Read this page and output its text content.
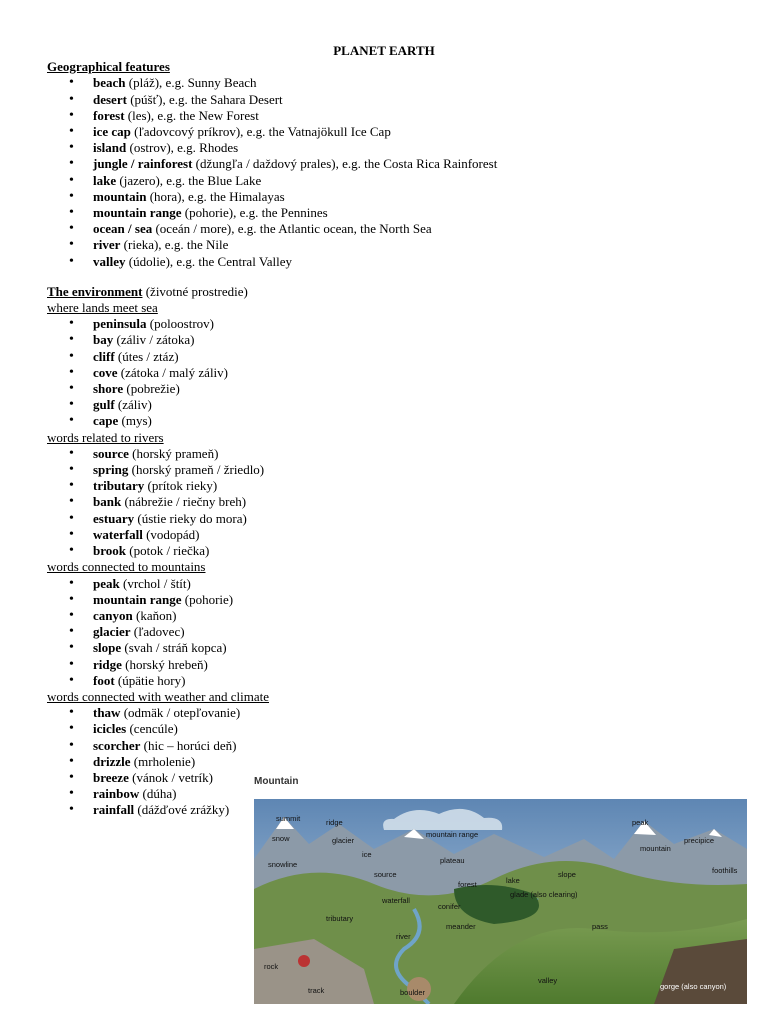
PLANET EARTH
Geographical features
• beach (pláž), e.g. Sunny Beach
• desert (púšť), e.g. the Sahara Desert
• forest (les), e.g. the New Forest
• ice cap (ľadovcový príkrov), e.g. the Vatnajökull Ice Cap
• island (ostrov), e.g. Rhodes
• jungle / rainforest (džungľa / daždový prales), e.g. the Costa Rica Rainforest
• lake (jazero), e.g. the Blue Lake
• mountain (hora), e.g. the Himalayas
• mountain range (pohorie), e.g. the Pennines
• ocean / sea (oceán / more), e.g. the Atlantic ocean, the North Sea
• river (rieka), e.g. the Nile
• valley (údolie), e.g. the Central Valley
The environment (životné prostredie)
where lands meet sea
• peninsula (poloostrov)
• bay (záliv / zátoka)
• cliff (útes / ztáz)
• cove (zátoka / malý záliv)
• shore (pobrežie)
• gulf (záliv)
• cape (mys)
words related to rivers
• source (horský prameň)
• spring (horský prameň / žriedlo)
• tributary (prítok rieky)
• bank (nábrežie / riečny breh)
• estuary (ústie rieky do mora)
• waterfall (vodopád)
• brook (potok / riečka)
words connected to mountains
• peak (vrchol / štít)
• mountain range (pohorie)
• canyon (kaňon)
• glacier (ľadovec)
• slope (svah / stráň kopca)
• ridge (horský hrebeň)
• foot (úpätie hory)
words connected with weather and climate
• thaw (odmäk / otepľovanie)
• icicles (cencúle)
• scorcher (hic – horúci deň)
• drizzle (mrholenie)
• breeze (vánok / vetrík)
• rainbow (dúha)
• rainfall (dážďové zrážky)
Mountain
summit	ridge
mountain range
peak
snow	glacier
ice
precipice
mountain
plateau
snowline
source
lake
slope
forest
foothills
glade (also clearing)
waterfall
conifer
tributary
meander	pass
river
rock
valley
track	boulder
gorge (also canyon)
